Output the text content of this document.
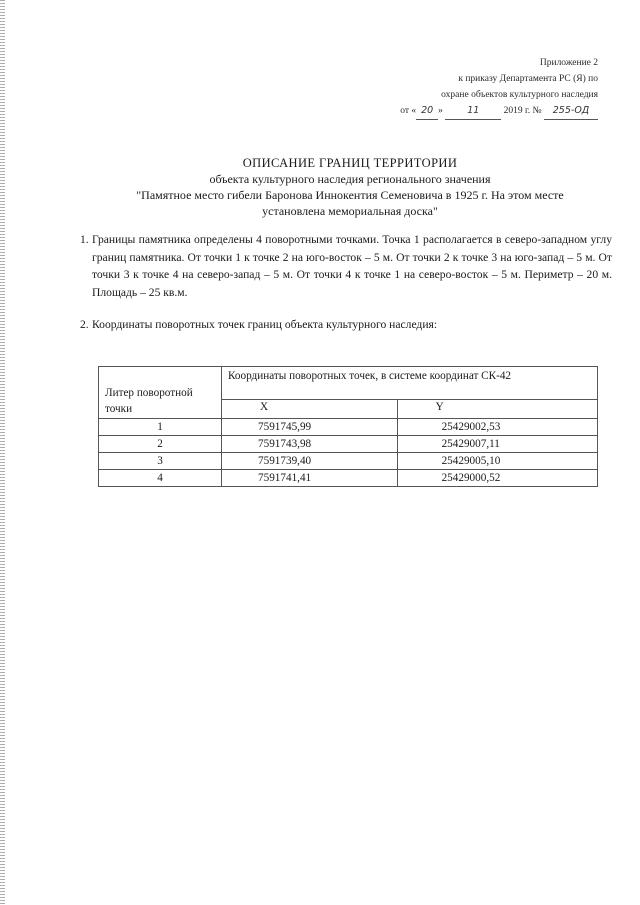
Приложение 2
к приказу Департамента РС (Я) по
охране объектов культурного наследия
от « 20 »	11	2019 г. № 255-ОД
ОПИСАНИЕ ГРАНИЦ ТЕРРИТОРИИ
объекта культурного наследия регионального значения
"Памятное место гибели Баронова Иннокентия Семеновича в 1925 г. На этом месте установлена мемориальная доска"
1. Границы памятника определены 4 поворотными точками. Точка 1 располагается в северо-западном углу границ памятника. От точки 1 к точке 2 на юго-восток – 5 м. От точки 2 к точке 3 на юго-запад – 5 м. От точки 3 к точке 4 на северо-запад – 5 м. От точки 4 к точке 1 на северо-восток – 5 м. Периметр – 20 м. Площадь – 25 кв.м.
2. Координаты поворотных точек границ объекта культурного наследия:
Литер поворотной точки	Координаты поворотных точек, в системе координат СК-42	
	X	Y
1	7591745,99	25429002,53
2	7591743,98	25429007,11
3	7591739,40	25429005,10
4	7591741,41	25429000,52
